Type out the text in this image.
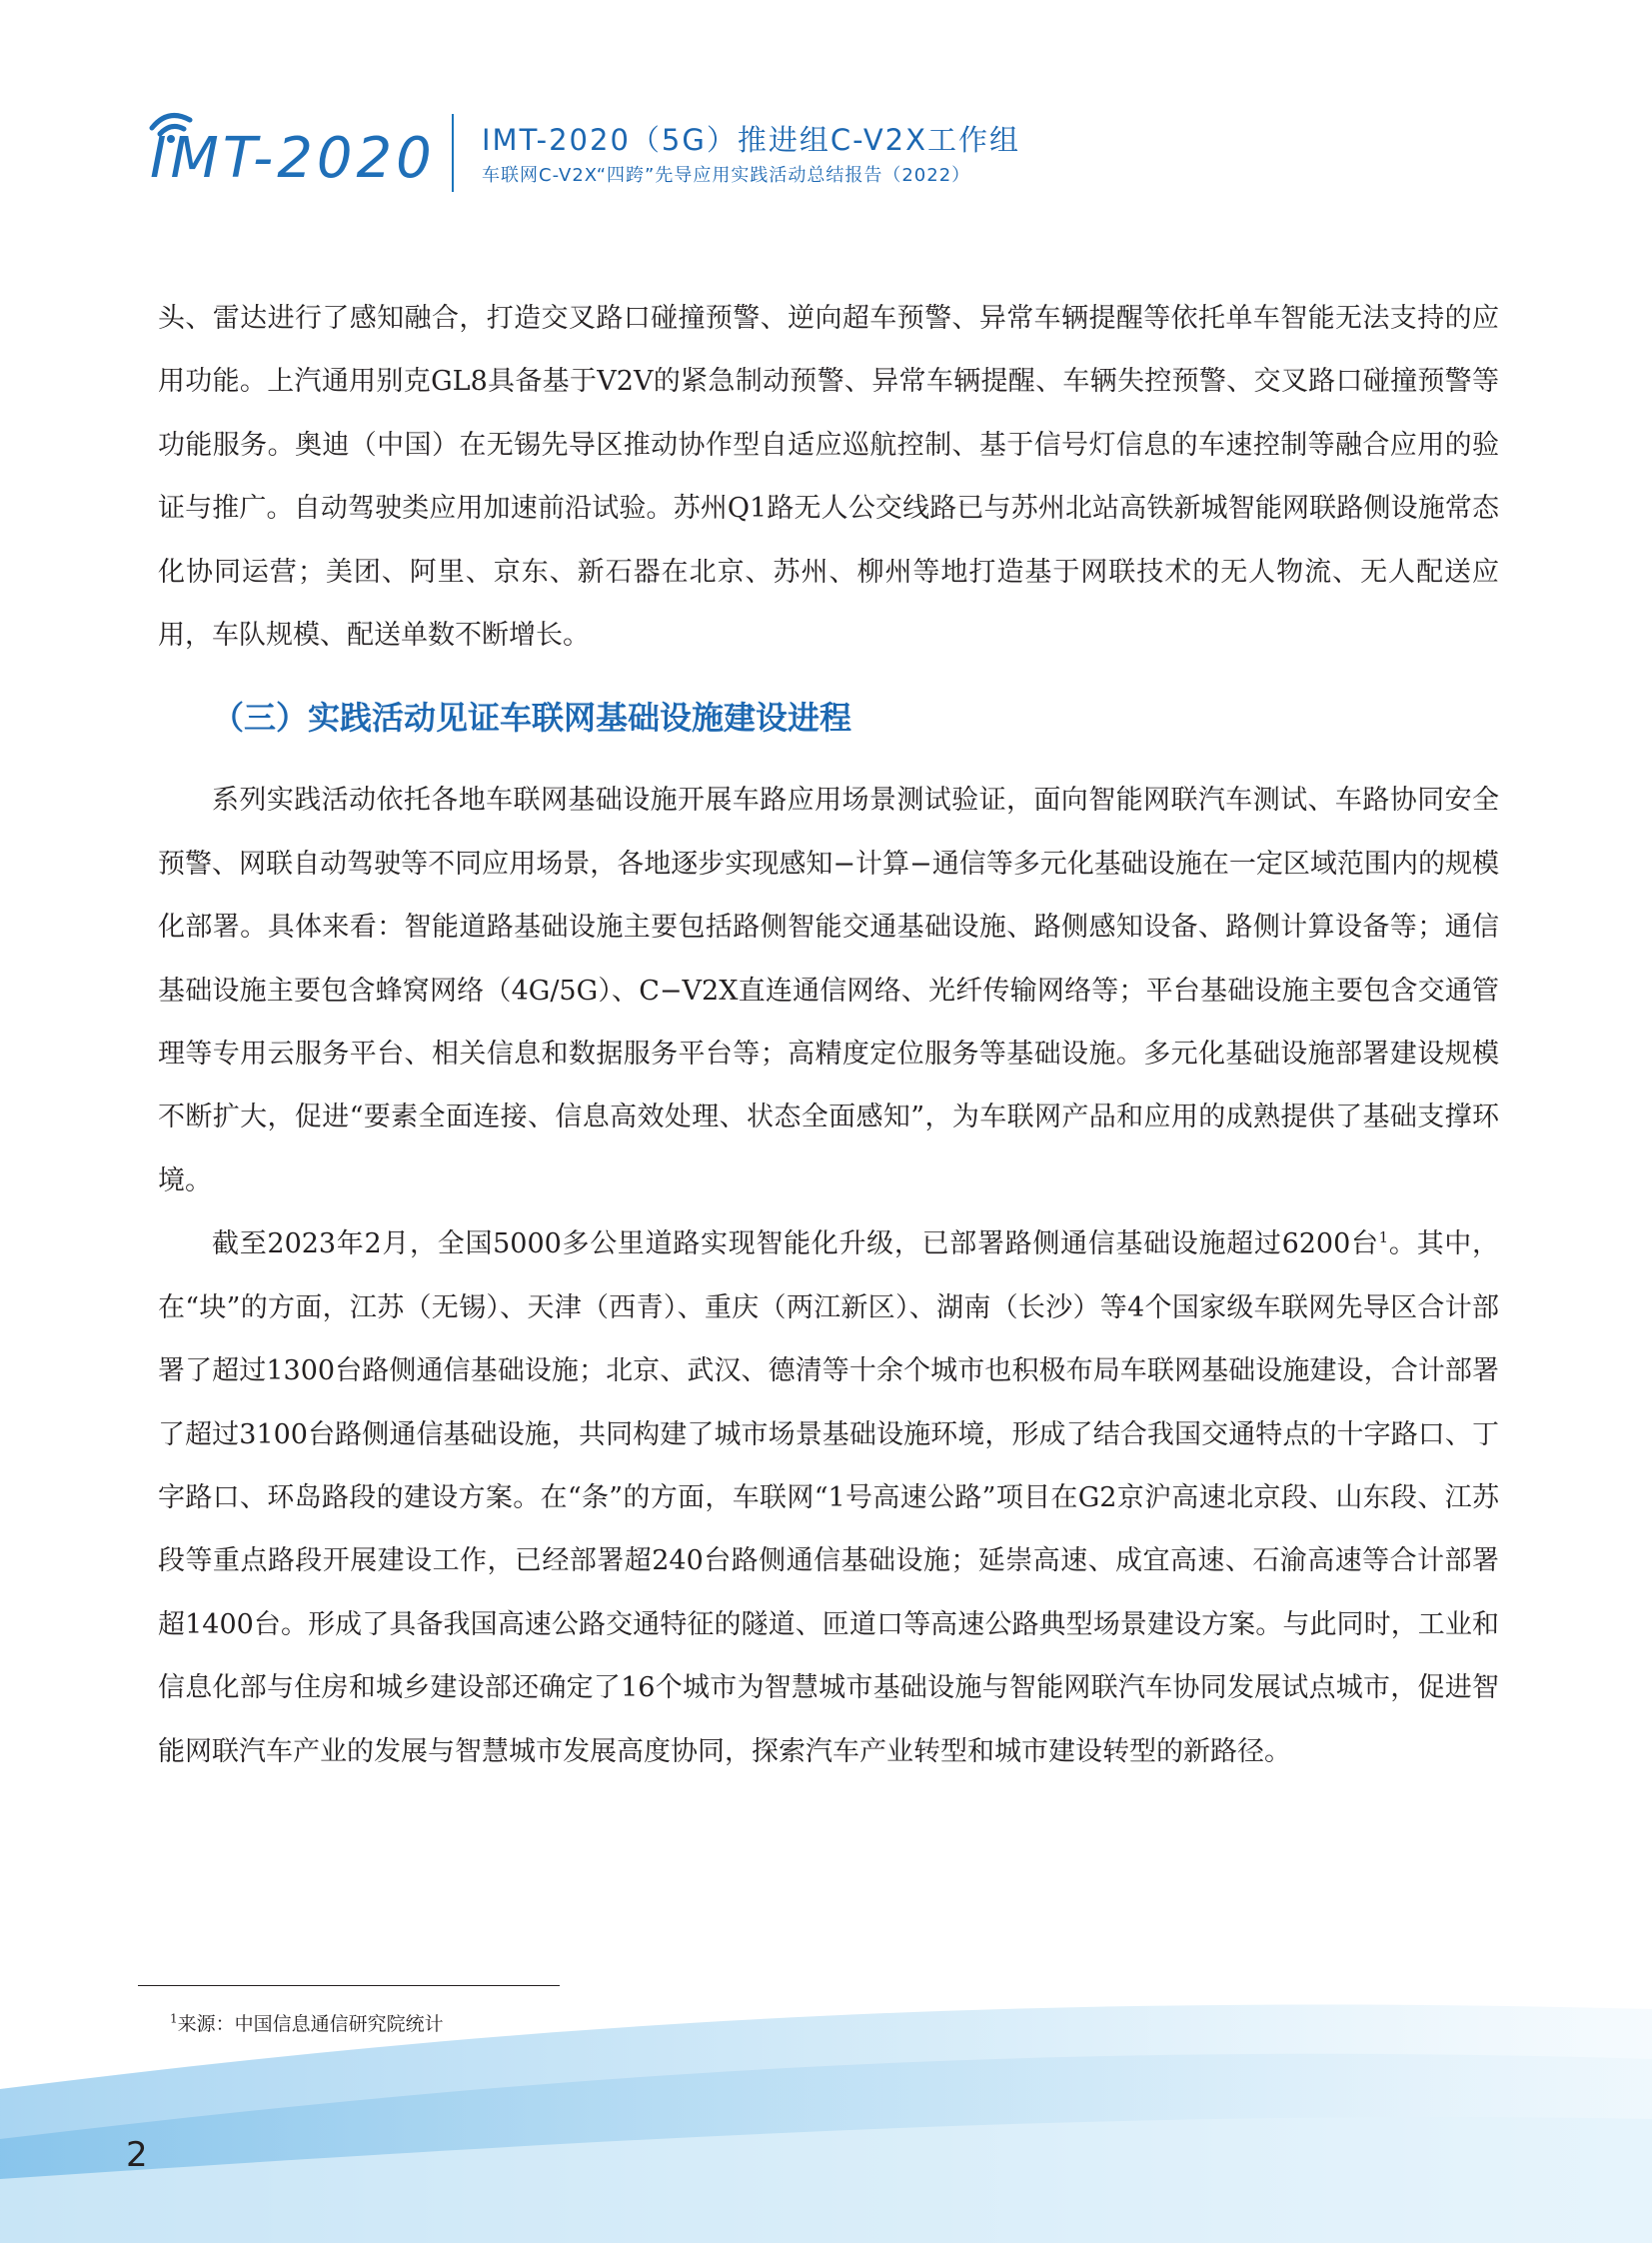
IMT-2020 IMT-2020（5G）推进组C-V2X工作组
车联网C-V2X“四跨”先导应用实践活动总结报告（2022）

头、雷达进行了感知融合，打造交叉路口碰撞预警、逆向超车预警、异常车辆提醒等依托单车智能无法支持的应用功能。上汽通用别克GL8具备基于V2V的紧急制动预警、异常车辆提醒、车辆失控预警、交叉路口碰撞预警等功能服务。奥迪（中国）在无锡先导区推动协作型自适应巡航控制、基于信号灯信息的车速控制等融合应用的验证与推广。自动驾驶类应用加速前沿试验。苏州Q1路无人公交线路已与苏州北站高铁新城智能网联路侧设施常态化协同运营；美团、阿里、京东、新石器在北京、苏州、柳州等地打造基于网联技术的无人物流、无人配送应用，车队规模、配送单数不断增长。

（三）实践活动见证车联网基础设施建设进程

系列实践活动依托各地车联网基础设施开展车路应用场景测试验证，面向智能网联汽车测试、车路协同安全预警、网联自动驾驶等不同应用场景，各地逐步实现感知−计算−通信等多元化基础设施在一定区域范围内的规模化部署。具体来看：智能道路基础设施主要包括路侧智能交通基础设施、路侧感知设备、路侧计算设备等；通信基础设施主要包含蜂窝网络（4G/5G）、C−V2X直连通信网络、光纤传输网络等；平台基础设施主要包含交通管理等专用云服务平台、相关信息和数据服务平台等；高精度定位服务等基础设施。多元化基础设施部署建设规模不断扩大，促进“要素全面连接、信息高效处理、状态全面感知”，为车联网产品和应用的成熟提供了基础支撑环境。

截至2023年2月，全国5000多公里道路实现智能化升级，已部署路侧通信基础设施超过6200台$^1$。其中，在“块”的方面，江苏（无锡）、天津（西青）、重庆（两江新区）、湖南（长沙）等4个国家级车联网先导区合计部署了超过1300台路侧通信基础设施；北京、武汉、德清等十余个城市也积极布局车联网基础设施建设，合计部署了超过3100台路侧通信基础设施，共同构建了城市场景基础设施环境，形成了结合我国交通特点的十字路口、丁字路口、环岛路段的建设方案。在“条”的方面，车联网“1号高速公路”项目在G2京沪高速北京段、山东段、江苏段等重点路段开展建设工作，已经部署超240台路侧通信基础设施；延崇高速、成宜高速、石渝高速等合计部署超1400台。形成了具备我国高速公路交通特征的隧道、匝道口等高速公路典型场景建设方案。与此同时，工业和信息化部与住房和城乡建设部还确定了16个城市为智慧城市基础设施与智能网联汽车协同发展试点城市，促进智能网联汽车产业的发展与智慧城市发展高度协同，探索汽车产业转型和城市建设转型的新路径。

$^1$来源：中国信息通信研究院统计
2
